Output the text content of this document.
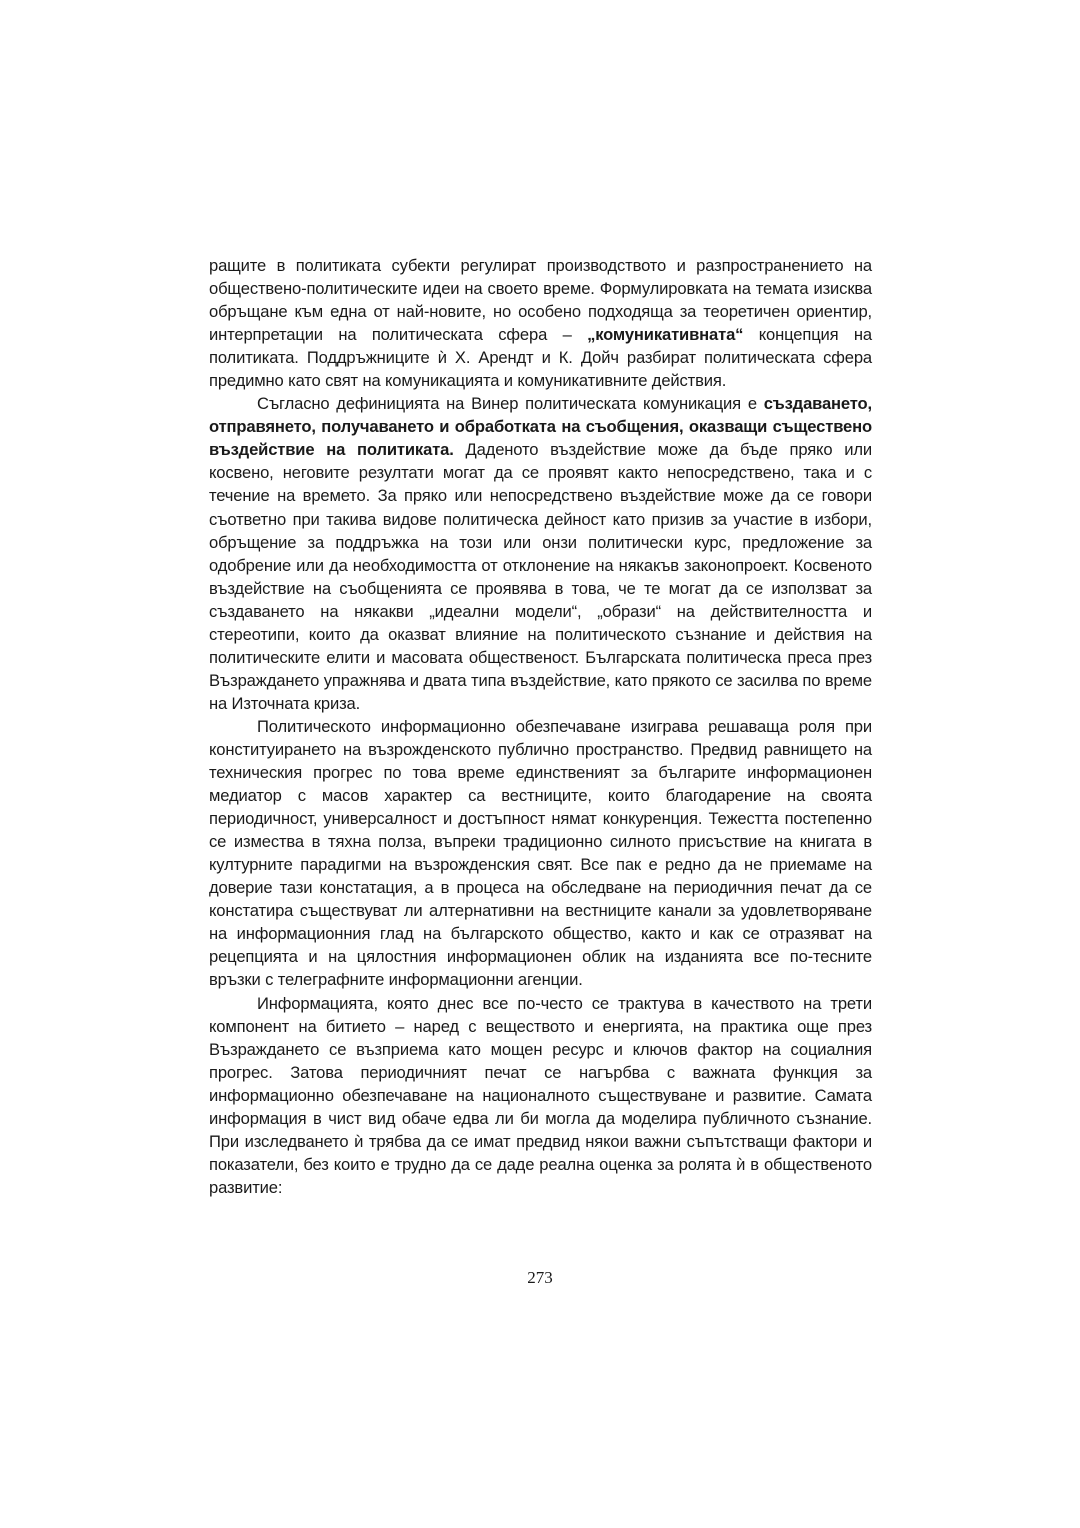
ращите в политиката субекти регулират производството и разпространението на обществено-политическите идеи на своето време. Формулировката на темата изисква обръщане към една от най-новите, но особено подходяща за теоретичен ориентир, интерпретации на политическата сфера – „комуникативната“ концепция на политиката. Поддръжниците ѝ Х. Арендт и К. Дойч разбират политическата сфера предимно като свят на комуникацията и комуникативните действия.

Съгласно дефиницията на Винер политическата комуникация е създаването, отправянето, получаването и обработката на съобщения, оказващи съществено въздействие на политиката. Даденото въздействие може да бъде пряко или косвено, неговите резултати могат да се проявят както непосредствено, така и с течение на времето. За пряко или непосредствено въздействие може да се говори съответно при такива видове политическа дейност като призив за участие в избори, обръщение за поддръжка на този или онзи политически курс, предложение за одобрение или да необходимостта от отклонение на някакъв законопроект. Косвеното въздействие на съобщенията се проявява в това, че те могат да се използват за създаването на някакви „идеални модели“, „образи“ на действителността и стереотипи, които да оказват влияние на политическото съзнание и действия на политическите елити и масовата общественост. Българската политическа преса през Възраждането упражнява и двата типа въздействие, като прякото се засилва по време на Източната криза.

Политическото информационно обезпечаване изиграва решаваща роля при конституирането на възрожденското публично пространство. Предвид равнището на техническия прогрес по това време единственият за българите информационен медиатор с масов характер са вестниците, които благодарение на своята периодичност, универсалност и достъпност нямат конкуренция. Тежестта постепенно се измества в тяхна полза, въпреки традиционно силното присъствие на книгата в културните парадигми на възрожденския свят. Все пак е редно да не приемаме на доверие тази констатация, а в процеса на обследване на периодичния печат да се констатира съществуват ли алтернативни на вестниците канали за удовлетворяване на информационния глад на българското общество, както и как се отразяват на рецепцията и на цялостния информационен облик на изданията все по-тесните връзки с телеграфните информационни агенции.

Информацията, която днес все по-често се трактува в качеството на трети компонент на битието – наред с веществото и енергията, на практика още през Възраждането се възприема като мощен ресурс и ключов фактор на социалния прогрес. Затова периодичният печат се нагърбва с важната функция за информационно обезпечаване на националното съществуване и развитие. Самата информация в чист вид обаче едва ли би могла да моделира публичното съзнание. При изследването ѝ трябва да се имат предвид някои важни съпътстващи фактори и показатели, без които е трудно да се даде реална оценка за ролята ѝ в общественото развитие:

273
